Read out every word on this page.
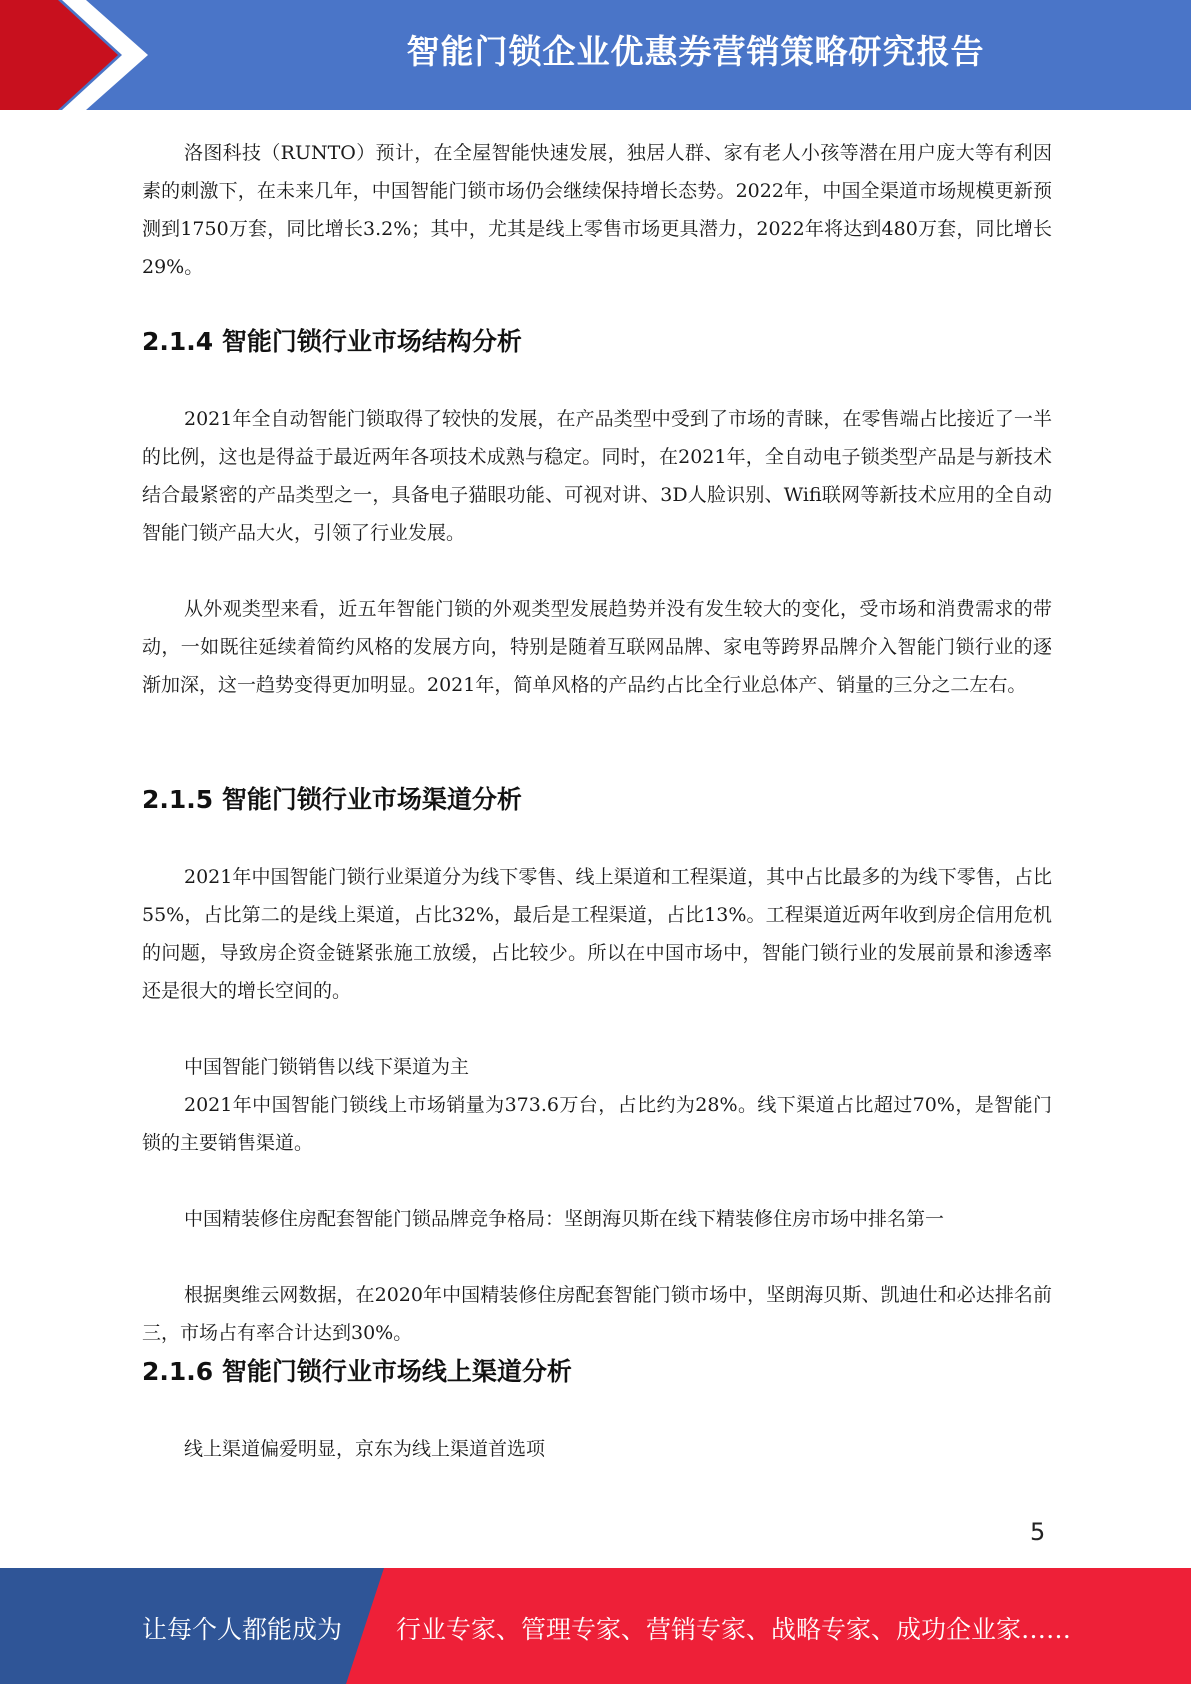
智能门锁企业优惠券营销策略研究报告

洛图科技（RUNTO）预计，在全屋智能快速发展，独居人群、家有老人小孩等潜在用户庞大等有利因素的刺激下，在未来几年，中国智能门锁市场仍会继续保持增长态势。2022年，中国全渠道市场规模更新预测到1750万套，同比增长3.2%；其中，尤其是线上零售市场更具潜力，2022年将达到480万套，同比增长29%。

2.1.4 智能门锁行业市场结构分析

2021年全自动智能门锁取得了较快的发展，在产品类型中受到了市场的青睐，在零售端占比接近了一半的比例，这也是得益于最近两年各项技术成熟与稳定。同时，在2021年，全自动电子锁类型产品是与新技术结合最紧密的产品类型之一，具备电子猫眼功能、可视对讲、3D人脸识别、Wifi联网等新技术应用的全自动智能门锁产品大火，引领了行业发展。

从外观类型来看，近五年智能门锁的外观类型发展趋势并没有发生较大的变化，受市场和消费需求的带动，一如既往延续着简约风格的发展方向，特别是随着互联网品牌、家电等跨界品牌介入智能门锁行业的逐渐加深，这一趋势变得更加明显。2021年，简单风格的产品约占比全行业总体产、销量的三分之二左右。

2.1.5 智能门锁行业市场渠道分析

2021年中国智能门锁行业渠道分为线下零售、线上渠道和工程渠道，其中占比最多的为线下零售，占比55%，占比第二的是线上渠道，占比32%，最后是工程渠道，占比13%。工程渠道近两年收到房企信用危机的问题，导致房企资金链紧张施工放缓，占比较少。所以在中国市场中，智能门锁行业的发展前景和渗透率还是很大的增长空间的。

中国智能门锁销售以线下渠道为主

2021年中国智能门锁线上市场销量为373.6万台，占比约为28%。线下渠道占比超过70%，是智能门锁的主要销售渠道。

中国精装修住房配套智能门锁品牌竞争格局：坚朗海贝斯在线下精装修住房市场中排名第一

根据奥维云网数据，在2020年中国精装修住房配套智能门锁市场中，坚朗海贝斯、凯迪仕和必达排名前三，市场占有率合计达到30%。

2.1.6 智能门锁行业市场线上渠道分析

线上渠道偏爱明显，京东为线上渠道首选项

5
让每个人都能成为 行业专家、管理专家、营销专家、战略专家、成功企业家……
